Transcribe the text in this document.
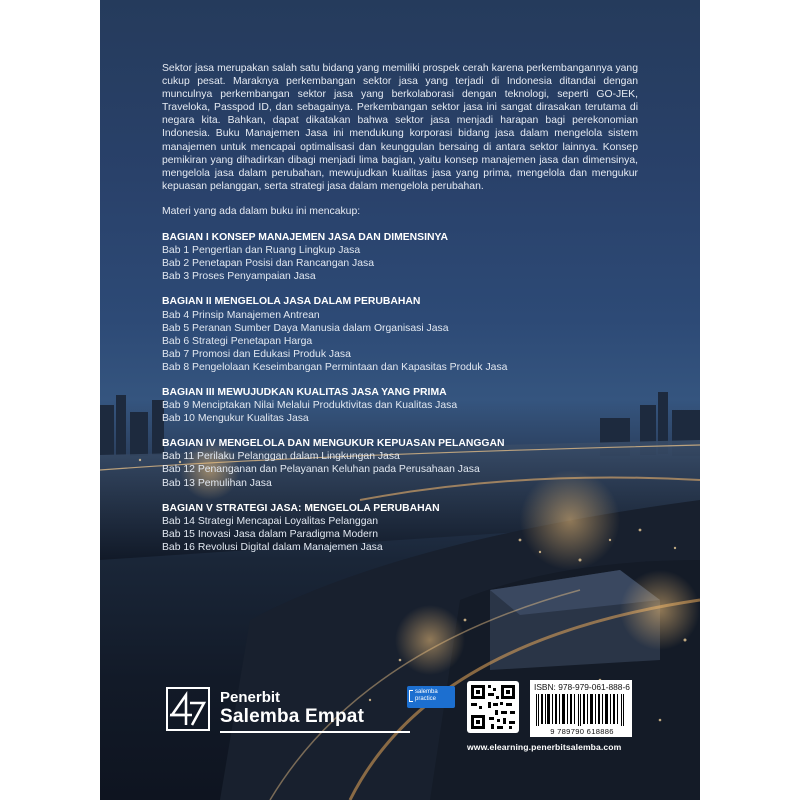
Sektor jasa merupakan salah satu bidang yang memiliki prospek cerah karena perkembangannya yang cukup pesat. Maraknya perkembangan sektor jasa yang terjadi di Indonesia ditandai dengan munculnya perkembangan sektor jasa yang berkolaborasi dengan teknologi, seperti GO-JEK, Traveloka, Passpod ID, dan sebagainya. Perkembangan sektor jasa ini sangat dirasakan terutama di negara kita. Bahkan, dapat dikatakan bahwa sektor jasa menjadi harapan bagi perekonomian Indonesia. Buku Manajemen Jasa ini mendukung korporasi bidang jasa dalam mengelola sistem manajemen untuk mencapai optimalisasi dan keunggulan bersaing di antara sektor lainnya. Konsep pemikiran yang dihadirkan dibagi menjadi lima bagian, yaitu konsep manajemen jasa dan dimensinya, mengelola jasa dalam perubahan, mewujudkan kualitas jasa yang prima, mengelola dan mengukur kepuasan pelanggan, serta strategi jasa dalam mengelola perubahan.

Materi yang ada dalam buku ini mencakup:

BAGIAN I KONSEP MANAJEMEN JASA DAN DIMENSINYA
Bab 1 Pengertian dan Ruang Lingkup Jasa
Bab 2 Penetapan Posisi dan Rancangan Jasa
Bab 3 Proses Penyampaian Jasa
BAGIAN II MENGELOLA JASA DALAM PERUBAHAN
Bab 4 Prinsip Manajemen Antrean
Bab 5 Peranan Sumber Daya Manusia dalam Organisasi Jasa
Bab 6 Strategi Penetapan Harga
Bab 7 Promosi dan Edukasi Produk Jasa
Bab 8 Pengelolaan Keseimbangan Permintaan dan Kapasitas Produk Jasa
BAGIAN III MEWUJUDKAN KUALITAS JASA YANG PRIMA
Bab 9 Menciptakan Nilai Melalui Produktivitas dan Kualitas Jasa
Bab 10 Mengukur Kualitas Jasa
BAGIAN IV MENGELOLA DAN MENGUKUR KEPUASAN PELANGGAN
Bab 11 Perilaku Pelanggan dalam Lingkungan Jasa
Bab 12 Penanganan dan Pelayanan Keluhan pada Perusahaan Jasa
Bab 13 Pemulihan Jasa
BAGIAN V STRATEGI JASA: MENGELOLA PERUBAHAN
Bab 14 Strategi Mencapai Loyalitas Pelanggan
Bab 15 Inovasi Jasa dalam Paradigma Modern
Bab 16 Revolusi Digital dalam Manajemen Jasa
Penerbit
Salemba Empat
salemba
practice
ISBN: 978-979-061-888-6
9 789790 618886
www.elearning.penerbitsalemba.com
